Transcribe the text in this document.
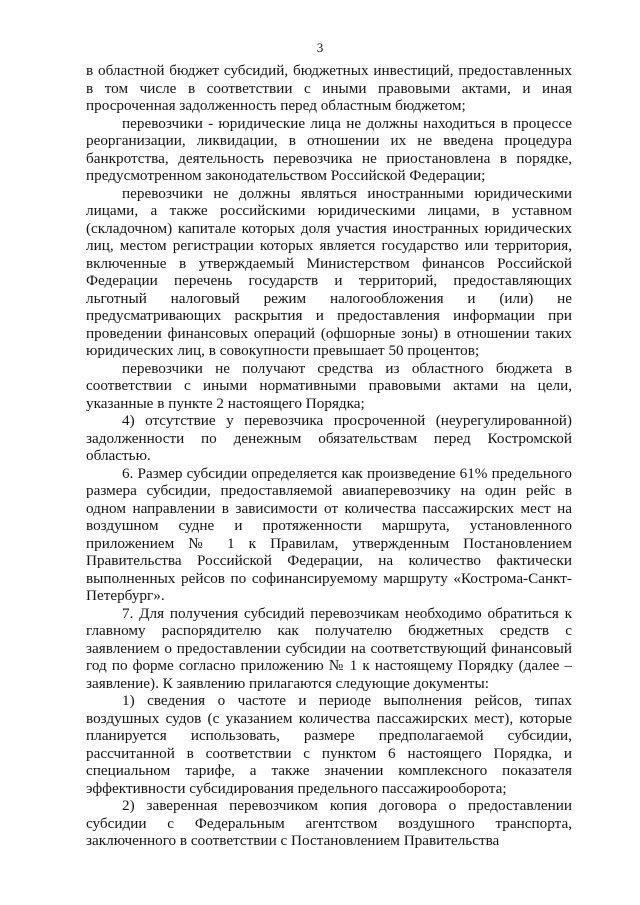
3

в областной бюджет субсидий, бюджетных инвестиций, предоставленных в том числе в соответствии с иными правовыми актами, и иная просроченная задолженность перед областным бюджетом;

перевозчики - юридические лица не должны находиться в процессе реорганизации, ликвидации, в отношении их не введена процедура банкротства, деятельность перевозчика не приостановлена в порядке, предусмотренном законодательством Российской Федерации;

перевозчики не должны являться иностранными юридическими лицами, а также российскими юридическими лицами, в уставном (складочном) капитале которых доля участия иностранных юридических лиц, местом регистрации которых является государство или территория, включенные в утверждаемый Министерством финансов Российской Федерации перечень государств и территорий, предоставляющих льготный налоговый режим налогообложения и (или) не предусматривающих раскрытия и предоставления информации при проведении финансовых операций (офшорные зоны) в отношении таких юридических лиц, в совокупности превышает 50 процентов;

перевозчики не получают средства из областного бюджета в соответствии с иными нормативными правовыми актами на цели, указанные в пункте 2 настоящего Порядка;

4) отсутствие у перевозчика просроченной (неурегулированной) задолженности по денежным обязательствам перед Костромской областью.

6. Размер субсидии определяется как произведение 61% предельного размера субсидии, предоставляемой авиаперевозчику на один рейс в одном направлении в зависимости от количества пассажирских мест на воздушном судне и протяженности маршрута, установленного приложением № 1 к Правилам, утвержденным Постановлением Правительства Российской Федерации, на количество фактически выполненных рейсов по софинансируемому маршруту «Кострома-Санкт-Петербург».

7. Для получения субсидий перевозчикам необходимо обратиться к главному распорядителю как получателю бюджетных средств с заявлением о предоставлении субсидии на соответствующий финансовый год по форме согласно приложению № 1 к настоящему Порядку (далее – заявление). К заявлению прилагаются следующие документы:

1) сведения о частоте и периоде выполнения рейсов, типах воздушных судов (с указанием количества пассажирских мест), которые планируется использовать, размере предполагаемой субсидии, рассчитанной в соответствии с пунктом 6 настоящего Порядка, и специальном тарифе, а также значении комплексного показателя эффективности субсидирования предельного пассажирооборота;

2) заверенная перевозчиком копия договора о предоставлении субсидии с Федеральным агентством воздушного транспорта, заключенного в соответствии с Постановлением Правительства
